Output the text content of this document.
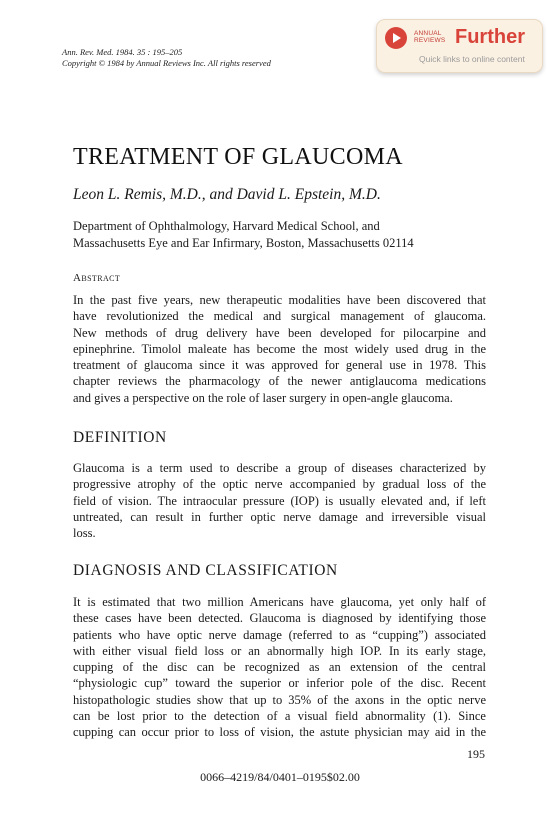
Ann. Rev. Med. 1984. 35 : 195–205
Copyright © 1984 by Annual Reviews Inc. All rights reserved
ANNUAL REVIEWS Further
Quick links to online content
TREATMENT OF GLAUCOMA
Leon L. Remis, M.D., and David L. Epstein, M.D.
Department of Ophthalmology, Harvard Medical School, and
Massachusetts Eye and Ear Infirmary, Boston, Massachusetts 02114
Abstract
In the past five years, new therapeutic modalities have been discovered that
have revolutionized the medical and surgical management of glaucoma.
New methods of drug delivery have been developed for pilocarpine and
epinephrine. Timolol maleate has become the most widely used drug in the
treatment of glaucoma since it was approved for general use in 1978. This
chapter reviews the pharmacology of the newer antiglaucoma medications
and gives a perspective on the role of laser surgery in open-angle glaucoma.
DEFINITION
Glaucoma is a term used to describe a group of diseases characterized by
progressive atrophy of the optic nerve accompanied by gradual loss of the
field of vision. The intraocular pressure (IOP) is usually elevated and, if left
untreated, can result in further optic nerve damage and irreversible visual
loss.
DIAGNOSIS AND CLASSIFICATION
It is estimated that two million Americans have glaucoma, yet only half of
these cases have been detected. Glaucoma is diagnosed by identifying those
patients who have optic nerve damage (referred to as “cupping”) associated
with either visual field loss or an abnormally high IOP. In its early stage,
cupping of the disc can be recognized as an extension of the central
“physiologic cup” toward the superior or inferior pole of the disc. Recent
histopathologic studies show that up to 35% of the axons in the optic nerve
can be lost prior to the detection of a visual field abnormality (1). Since
cupping can occur prior to loss of vision, the astute physician may aid in the
195
0066–4219/84/0401–0195$02.00
